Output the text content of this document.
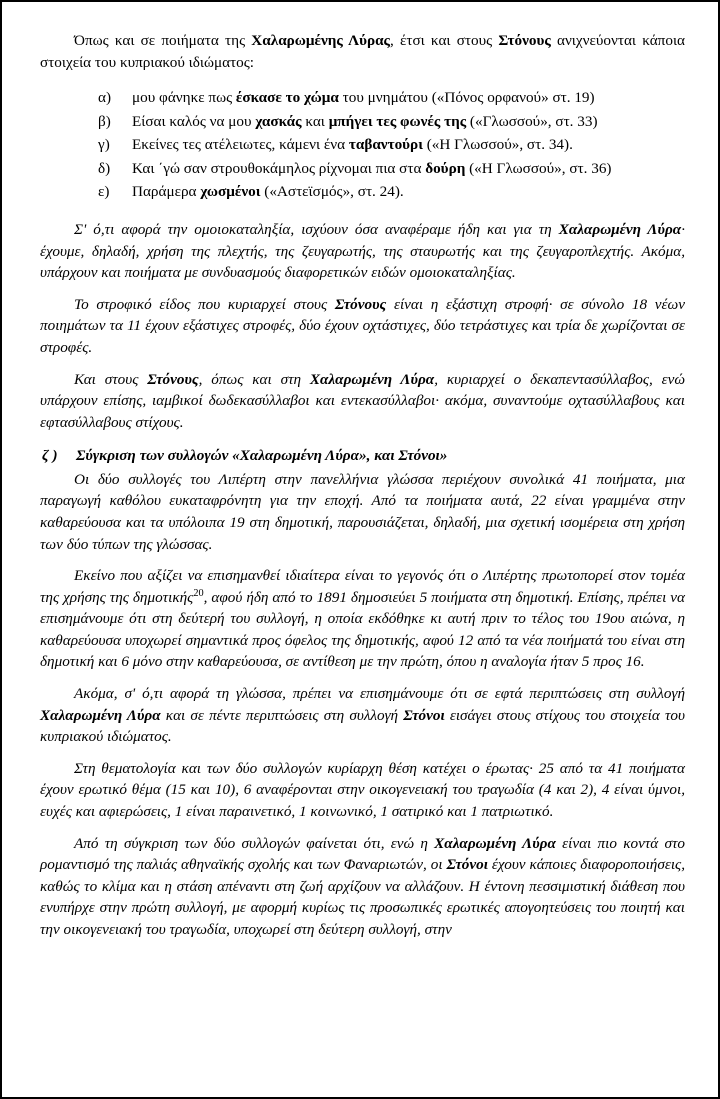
Όπως και σε ποιήματα της Χαλαρωμένης Λύρας, έτσι και στους Στόνους ανιχνεύονται κάποια στοιχεία του κυπριακού ιδιώματος:

α)	μου φάνηκε πως έσκασε το χώμα του μνημάτου («Πόνος ορφανού» στ. 19)
β)	Είσαι καλός να μου χασκάς και μπήγει τες φωνές της («Γλωσσού», στ. 33)
γ)	Εκείνες τες ατέλειωτες, κάμενι ένα ταβαντούρι («Η Γλωσσού», στ. 34).
δ)	Και ΄γώ σαν στρουθοκάμηλος ρίχνομαι πια στα δούρη («Η Γλωσσού», στ. 36)
ε)	Παράμερα χωσμένοι («Αστεϊσμός», στ. 24).

Σ' ό,τι αφορά την ομοιοκαταληξία, ισχύουν όσα αναφέραμε ήδη και για τη Χαλαρωμένη Λύρα· έχουμε, δηλαδή, χρήση της πλεχτής, της ζευγαρωτής, της σταυρωτής και της ζευγαροπλεχτής. Ακόμα, υπάρχουν και ποιήματα με συνδυασμούς διαφορετικών ειδών ομοιοκαταληξίας.

Το στροφικό είδος που κυριαρχεί στους Στόνους είναι η εξάστιχη στροφή· σε σύνολο 18 νέων ποιημάτων τα 11 έχουν εξάστιχες στροφές, δύο έχουν οχτάστιχες, δύο τετράστιχες και τρία δε χωρίζονται σε στροφές.

Και στους Στόνους, όπως και στη Χαλαρωμένη Λύρα, κυριαρχεί ο δεκαπεντασύλλαβος, ενώ υπάρχουν επίσης, ιαμβικοί δωδεκασύλλαβοι και εντεκασύλλαβοι· ακόμα, συναντούμε οχτασύλλαβους και εφτασύλλαβους στίχους.

ζ )	Σύγκριση των συλλογών «Χαλαρωμένη Λύρα», και Στόνοι»

Οι δύο συλλογές του Λιπέρτη στην πανελλήνια γλώσσα περιέχουν συνολικά 41 ποιήματα, μια παραγωγή καθόλου ευκαταφρόνητη για την εποχή. Από τα ποιήματα αυτά, 22 είναι γραμμένα στην καθαρεύουσα και τα υπόλοιπα 19 στη δημοτική, παρουσιάζεται, δηλαδή, μια σχετική ισομέρεια στη χρήση των δύο τύπων της γλώσσας.

Εκείνο που αξίζει να επισημανθεί ιδιαίτερα είναι το γεγονός ότι ο Λιπέρτης πρωτοπορεί στον τομέα της χρήσης της δημοτικής$^{20}$, αφού ήδη από το 1891 δημοσιεύει 5 ποιήματα στη δημοτική. Επίσης, πρέπει να επισημάνουμε ότι στη δεύτερή του συλλογή, η οποία εκδόθηκε κι αυτή πριν το τέλος του 19ου αιώνα, η καθαρεύουσα υποχωρεί σημαντικά προς όφελος της δημοτικής, αφού 12 από τα νέα ποιήματά του είναι στη δημοτική και 6 μόνο στην καθαρεύουσα, σε αντίθεση με την πρώτη, όπου η αναλογία ήταν 5 προς 16.

Ακόμα, σ' ό,τι αφορά τη γλώσσα, πρέπει να επισημάνουμε ότι σε εφτά περιπτώσεις στη συλλογή Χαλαρωμένη Λύρα και σε πέντε περιπτώσεις στη συλλογή Στόνοι εισάγει στους στίχους του στοιχεία του κυπριακού ιδιώματος.

Στη θεματολογία και των δύο συλλογών κυρίαρχη θέση κατέχει ο έρωτας· 25 από τα 41 ποιήματα έχουν ερωτικό θέμα (15 και 10), 6 αναφέρονται στην οικογενειακή του τραγωδία (4 και 2), 4 είναι ύμνοι, ευχές και αφιερώσεις, 1 είναι παραινετικό, 1 κοινωνικό, 1 σατιρικό και 1 πατριωτικό.

Από τη σύγκριση των δύο συλλογών φαίνεται ότι, ενώ η Χαλαρωμένη Λύρα είναι πιο κοντά στο ρομαντισμό της παλιάς αθηναϊκής σχολής και των Φαναριωτών, οι Στόνοι έχουν κάποιες διαφοροποιήσεις, καθώς το κλίμα και η στάση απέναντι στη ζωή αρχίζουν να αλλάζουν. Η έντονη πεσσιμιστική διάθεση που ενυπήρχε στην πρώτη συλλογή, με αφορμή κυρίως τις προσωπικές ερωτικές απογοητεύσεις του ποιητή και την οικογενειακή του τραγωδία, υποχωρεί στη δεύτερη συλλογή, στην
